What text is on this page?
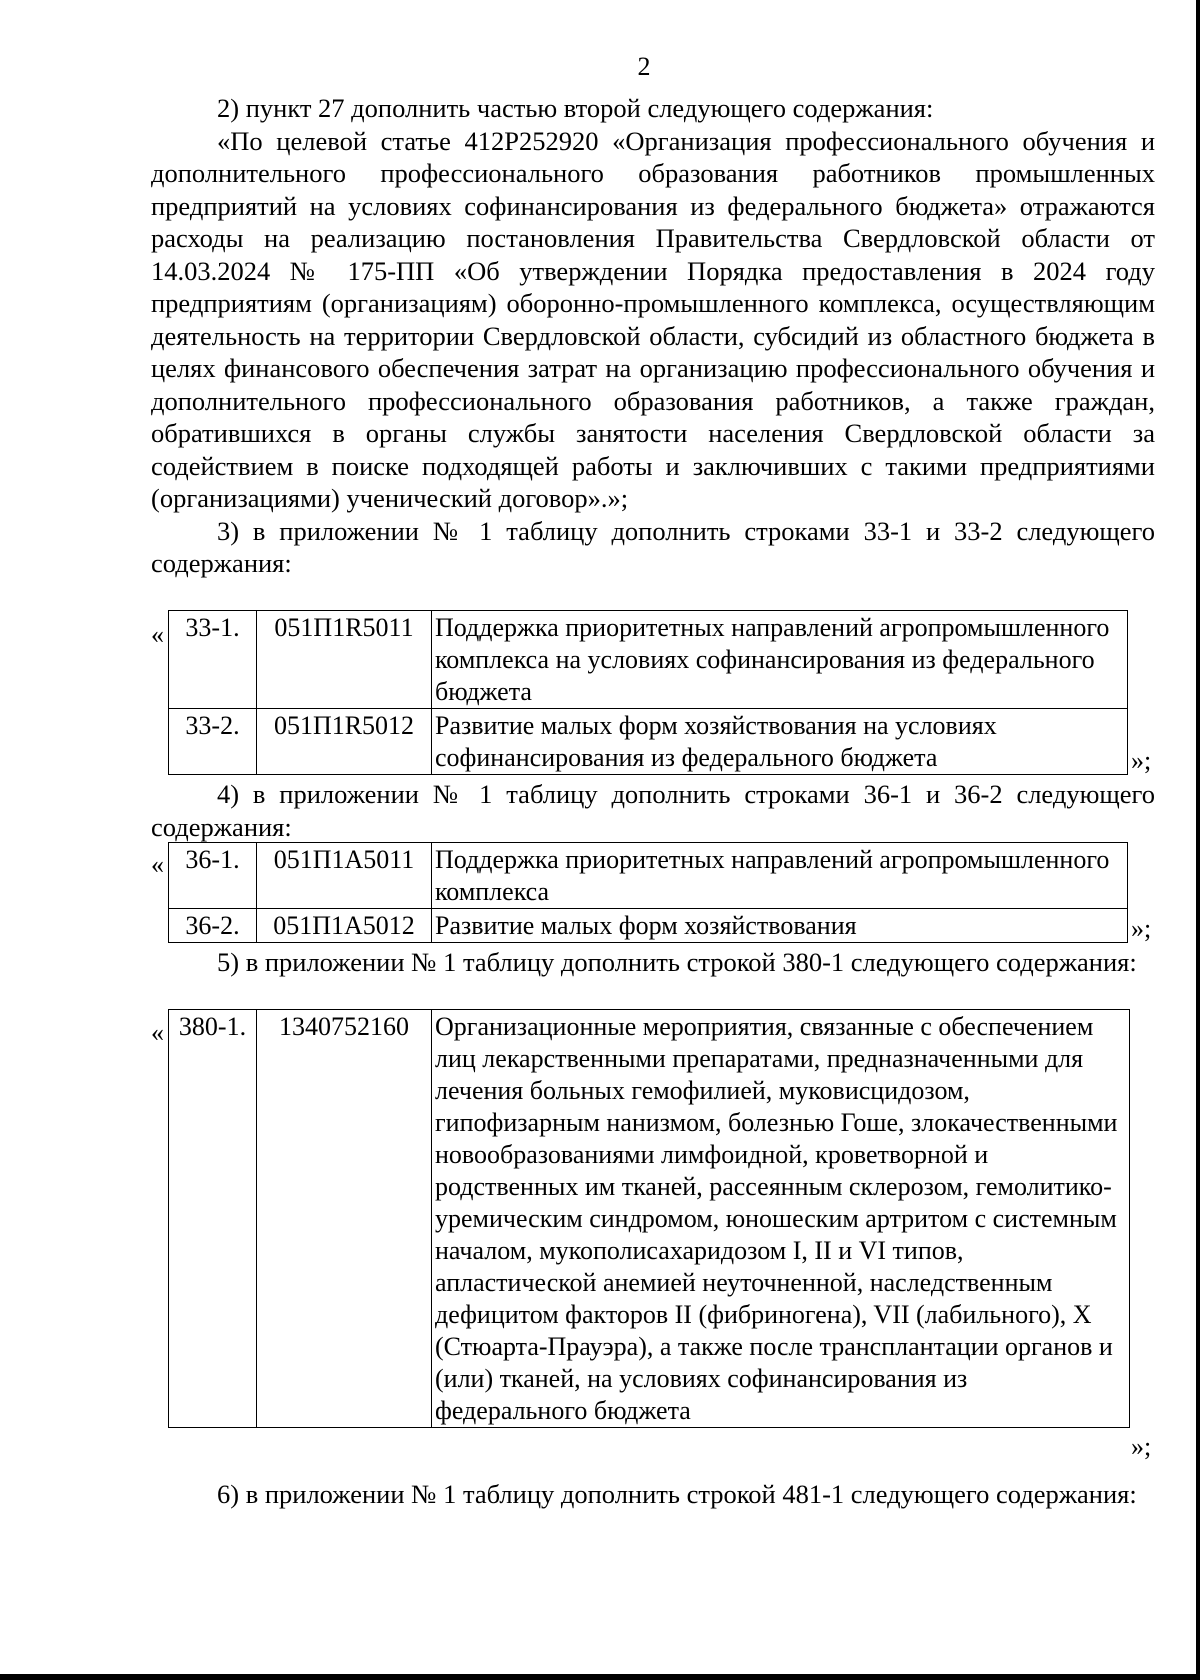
2

2) пункт 27 дополнить частью второй следующего содержания:

«По целевой статье 412Р252920 «Организация профессионального обучения и дополнительного профессионального образования работников промышленных предприятий на условиях софинансирования из федерального бюджета» отражаются расходы на реализацию постановления Правительства Свердловской области от 14.03.2024 № 175-ПП «Об утверждении Порядка предоставления в 2024 году предприятиям (организациям) оборонно-промышленного комплекса, осуществляющим деятельность на территории Свердловской области, субсидий из областного бюджета в целях финансового обеспечения затрат на организацию профессионального обучения и дополнительного профессионального образования работников, а также граждан, обратившихся в органы службы занятости населения Свердловской области за содействием в поиске подходящей работы и заключивших с такими предприятиями (организациями) ученический договор».»;

3) в приложении № 1 таблицу дополнить строками 33-1 и 33-2 следующего содержания:

« 33-1.	051П1R5011	Поддержка приоритетных направлений агропромышленного комплекса на условиях софинансирования из федерального бюджета
33-2.	051П1R5012	Развитие малых форм хозяйствования на условиях софинансирования из федерального бюджета	»;

4) в приложении № 1 таблицу дополнить строками 36-1 и 36-2 следующего содержания:

« 36-1.	051П1А5011	Поддержка приоритетных направлений агропромышленного комплекса
36-2.	051П1А5012	Развитие малых форм хозяйствования	»;

5) в приложении № 1 таблицу дополнить строкой 380-1 следующего содержания:

« 380-1.	1340752160	Организационные мероприятия, связанные с обеспечением лиц лекарственными препаратами, предназначенными для лечения больных гемофилией, муковисцидозом, гипофизарным нанизмом, болезнью Гоше, злокачественными новообразованиями лимфоидной, кроветворной и родственных им тканей, рассеянным склерозом, гемолитико-уремическим синдромом, юношеским артритом с системным началом, мукополисахаридозом I, II и VI типов, апластической анемией неуточненной, наследственным дефицитом факторов II (фибриногена), VII (лабильного), X (Стюарта-Прауэра), а также после трансплантации органов и (или) тканей, на условиях софинансирования из федерального бюджета
»;

6) в приложении № 1 таблицу дополнить строкой 481-1 следующего содержания:
